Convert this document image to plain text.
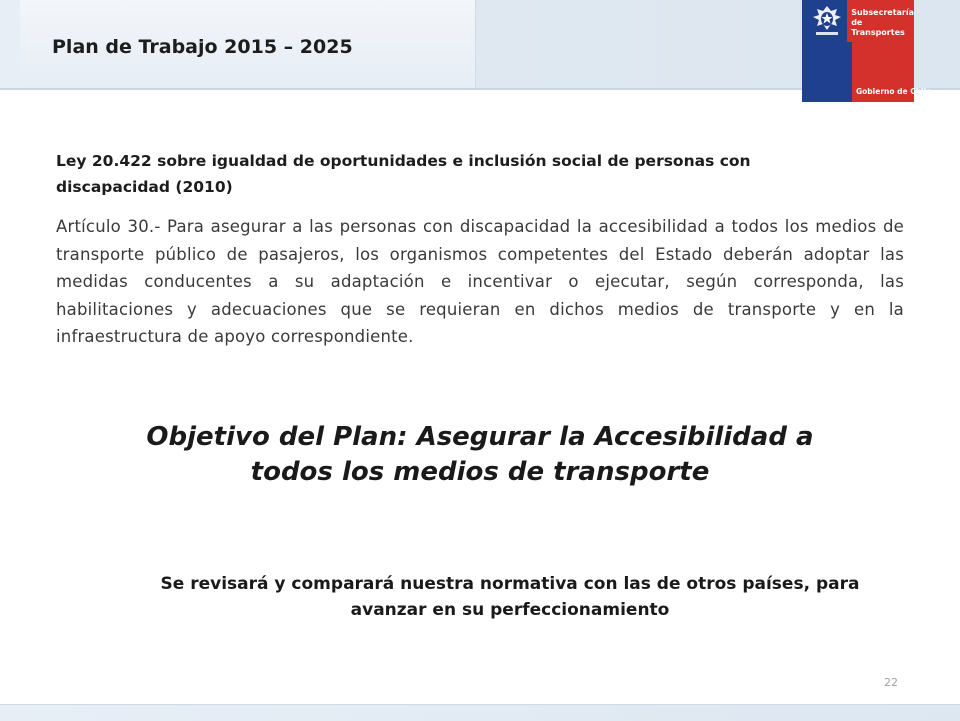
Plan de Trabajo 2015 – 2025
Subsecretaría
de Transportes
Gobierno de Chile

Ley 20.422 sobre igualdad de oportunidades e inclusión social de personas con discapacidad (2010)

Artículo 30.- Para asegurar a las personas con discapacidad la accesibilidad a todos los medios de transporte público de pasajeros, los organismos competentes del Estado deberán adoptar las medidas conducentes a su adaptación e incentivar o ejecutar, según corresponda, las habilitaciones y adecuaciones que se requieran en dichos medios de transporte y en la infraestructura de apoyo correspondiente.

Objetivo del Plan: Asegurar la Accesibilidad a
todos los medios de transporte
Se revisará y comparará nuestra normativa con las de otros países, para
avanzar en su perfeccionamiento
22
